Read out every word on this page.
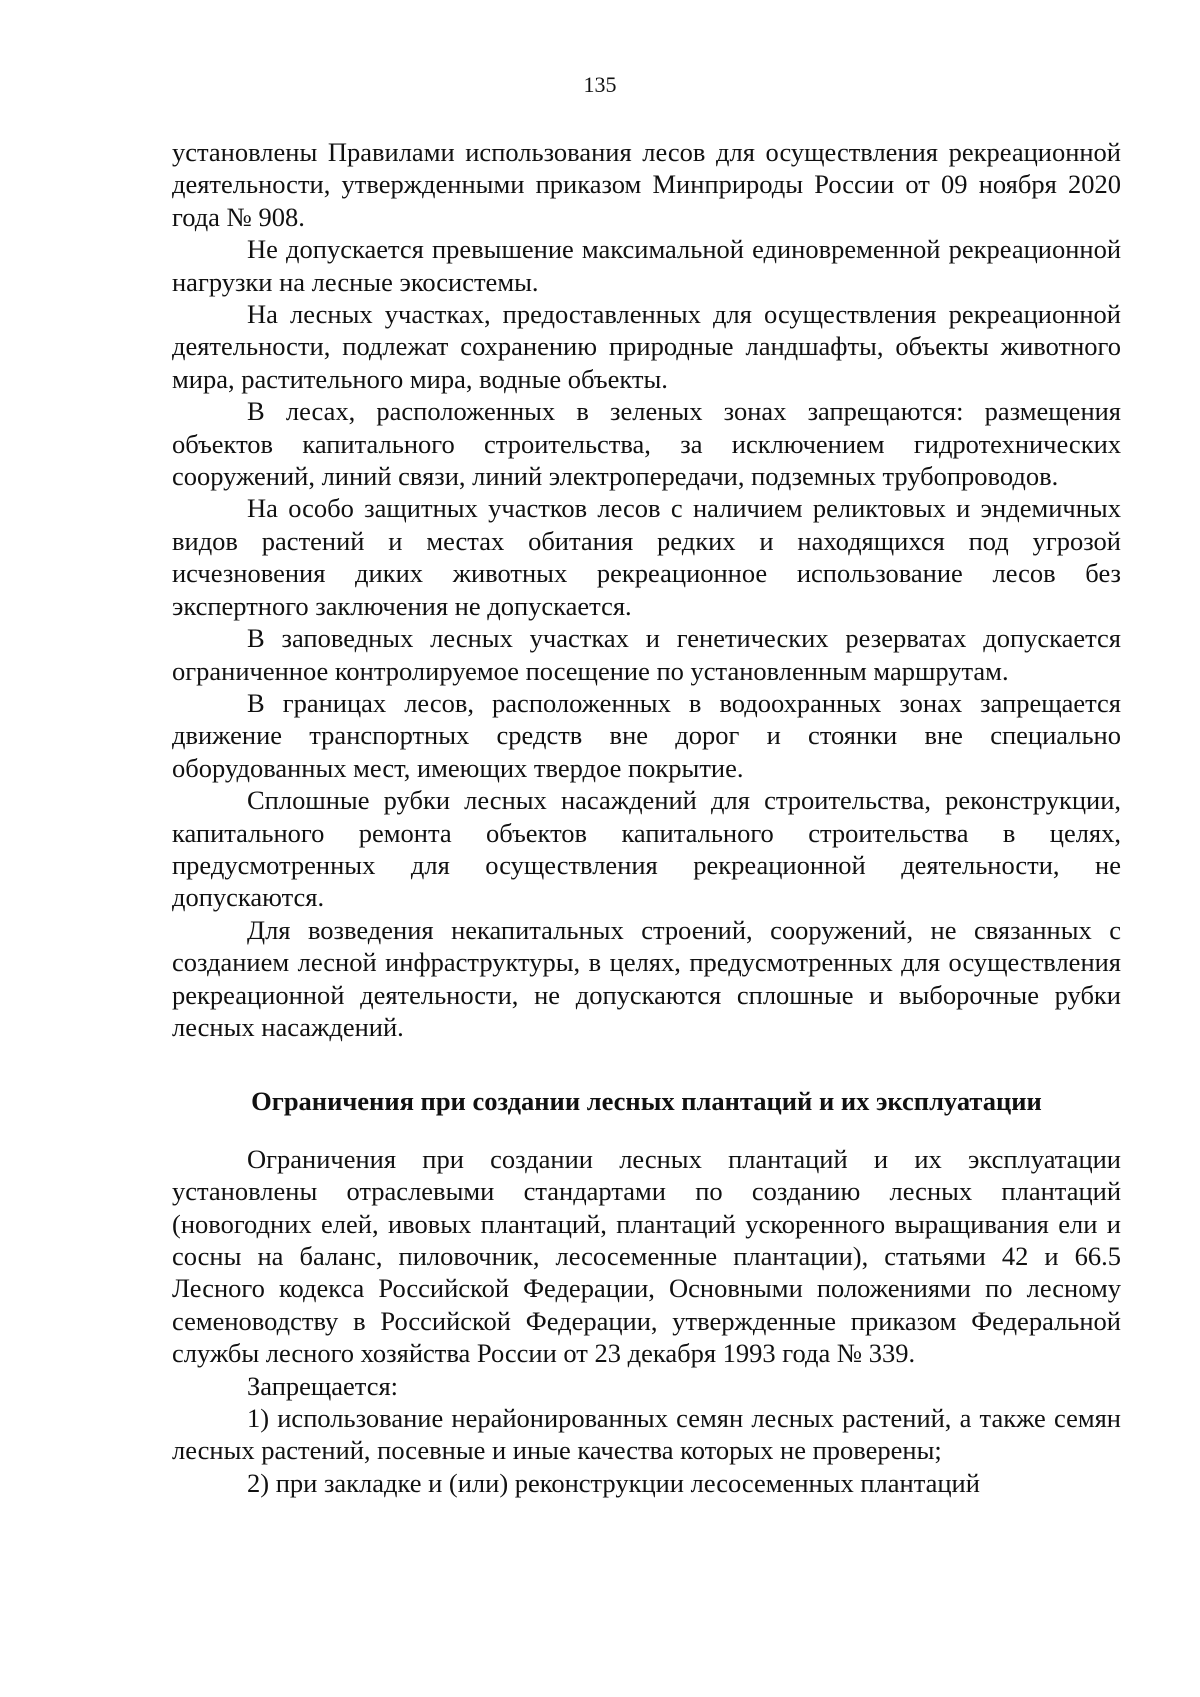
135

установлены Правилами использования лесов для осуществления рекреационной деятельности, утвержденными приказом Минприроды России от 09 ноября 2020 года № 908.

Не допускается превышение максимальной единовременной рекреационной нагрузки на лесные экосистемы.

На лесных участках, предоставленных для осуществления рекреационной деятельности, подлежат сохранению природные ландшафты, объекты животного мира, растительного мира, водные объекты.

В лесах, расположенных в зеленых зонах запрещаются: размещения объектов капитального строительства, за исключением гидротехнических сооружений, линий связи, линий электропередачи, подземных трубопроводов.

На особо защитных участков лесов с наличием реликтовых и эндемичных видов растений и местах обитания редких и находящихся под угрозой исчезновения диких животных рекреационное использование лесов без экспертного заключения не допускается.

В заповедных лесных участках и генетических резерватах допускается ограниченное контролируемое посещение по установленным маршрутам.

В границах лесов, расположенных в водоохранных зонах запрещается движение транспортных средств вне дорог и стоянки вне специально оборудованных мест, имеющих твердое покрытие.

Сплошные рубки лесных насаждений для строительства, реконструкции, капитального ремонта объектов капитального строительства в целях, предусмотренных для осуществления рекреационной деятельности, не допускаются.

Для возведения некапитальных строений, сооружений, не связанных с созданием лесной инфраструктуры, в целях, предусмотренных для осуществления рекреационной деятельности, не допускаются сплошные и выборочные рубки лесных насаждений.

Ограничения при создании лесных плантаций и их эксплуатации

Ограничения при создании лесных плантаций и их эксплуатации установлены отраслевыми стандартами по созданию лесных плантаций (новогодних елей, ивовых плантаций, плантаций ускоренного выращивания ели и сосны на баланс, пиловочник, лесосеменные плантации), статьями 42 и 66.5 Лесного кодекса Российской Федерации, Основными положениями по лесному семеноводству в Российской Федерации, утвержденные приказом Федеральной службы лесного хозяйства России от 23 декабря 1993 года № 339.

Запрещается:

1) использование нерайонированных семян лесных растений, а также семян лесных растений, посевные и иные качества которых не проверены;

2) при закладке и (или) реконструкции лесосеменных плантаций
